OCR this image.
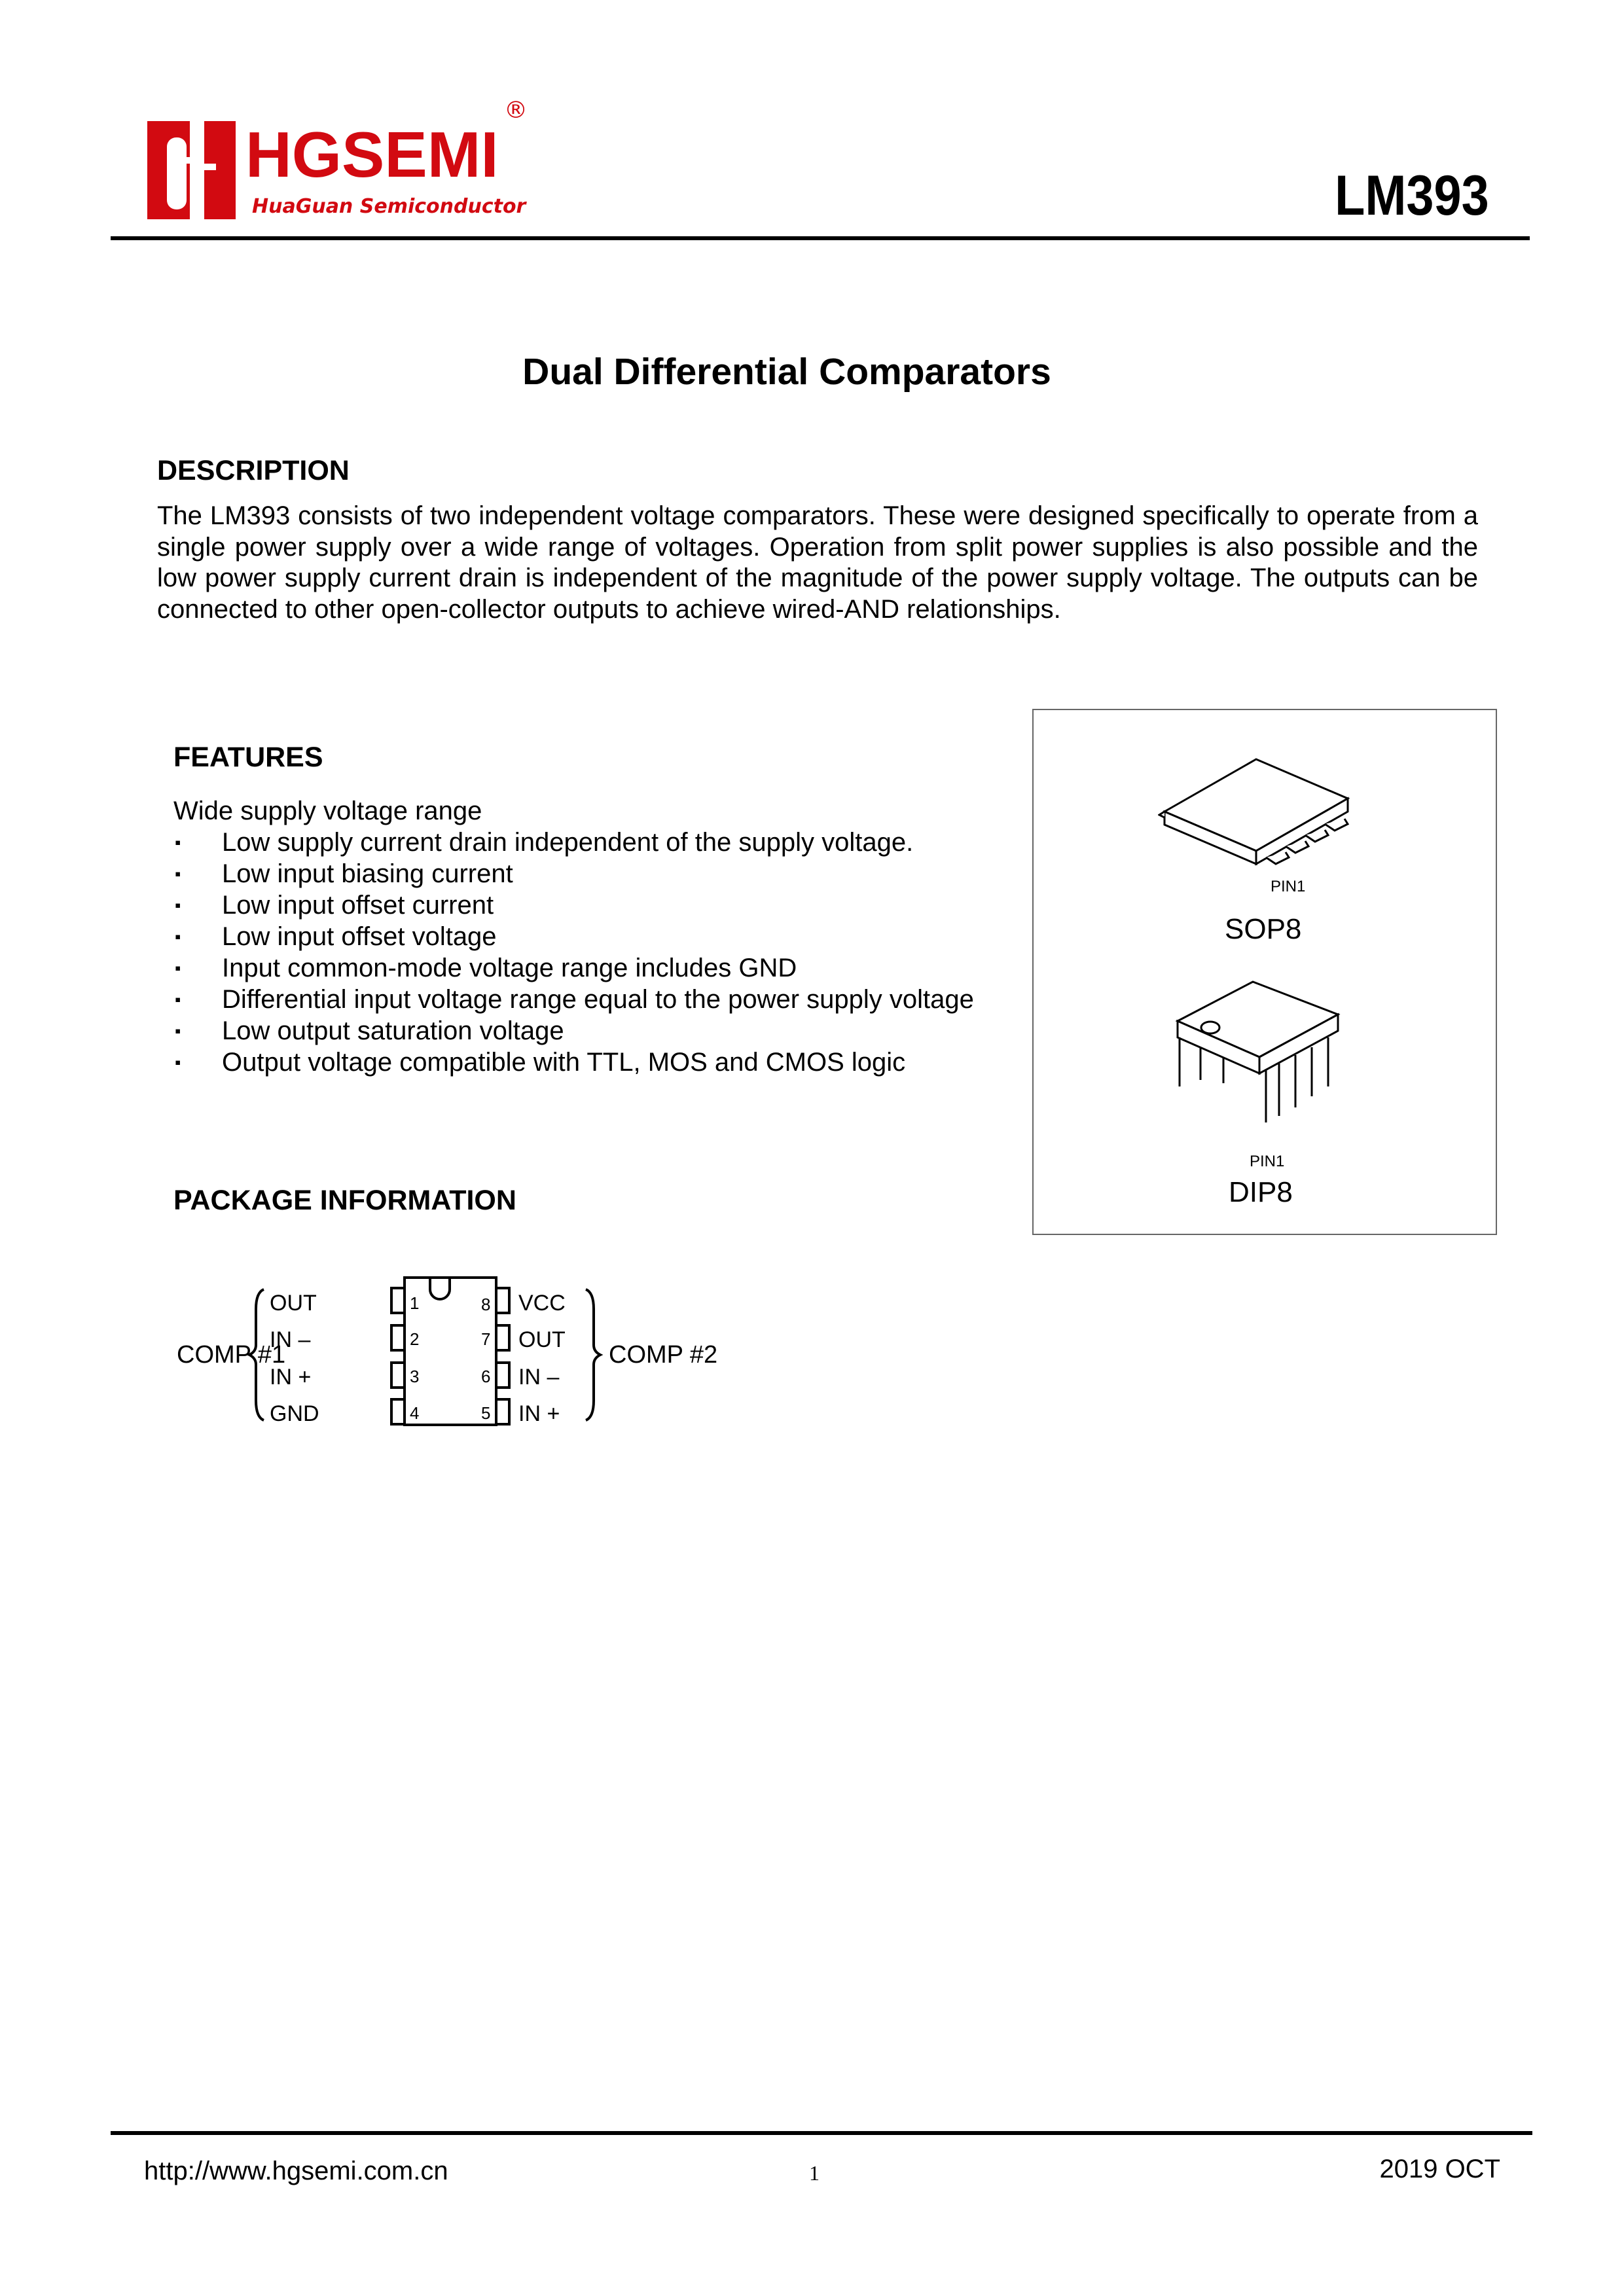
HGSEMI
HuaGuan Semiconductor
®
LM393
Dual Differential Comparators
DESCRIPTION
The LM393 consists of two independent voltage comparators. These were designed specifically to operate from a single power supply over a wide range of voltages. Operation from split power supplies is also possible and the low power supply current drain is independent of the magnitude of the power supply voltage. The outputs can be connected to other open-collector outputs to achieve wired-AND relationships.
FEATURES
Wide supply voltage range
▪ Low supply current drain independent of the supply voltage.
▪ Low input biasing current
▪ Low input offset current
▪ Low input offset voltage
▪ Input common-mode voltage range includes GND
▪ Differential input voltage range equal to the power supply voltage
▪ Low output saturation voltage
▪ Output voltage compatible with TTL, MOS and CMOS logic
PIN1
SOP8
PIN1
DIP8
PACKAGE INFORMATION
COMP #1	COMP #2
OUT
IN –
IN +
GND
1
2
3
4
8
7
6
5
VCC
OUT
IN –
IN +
http://www.hgsemi.com.cn	1	2019 OCT
